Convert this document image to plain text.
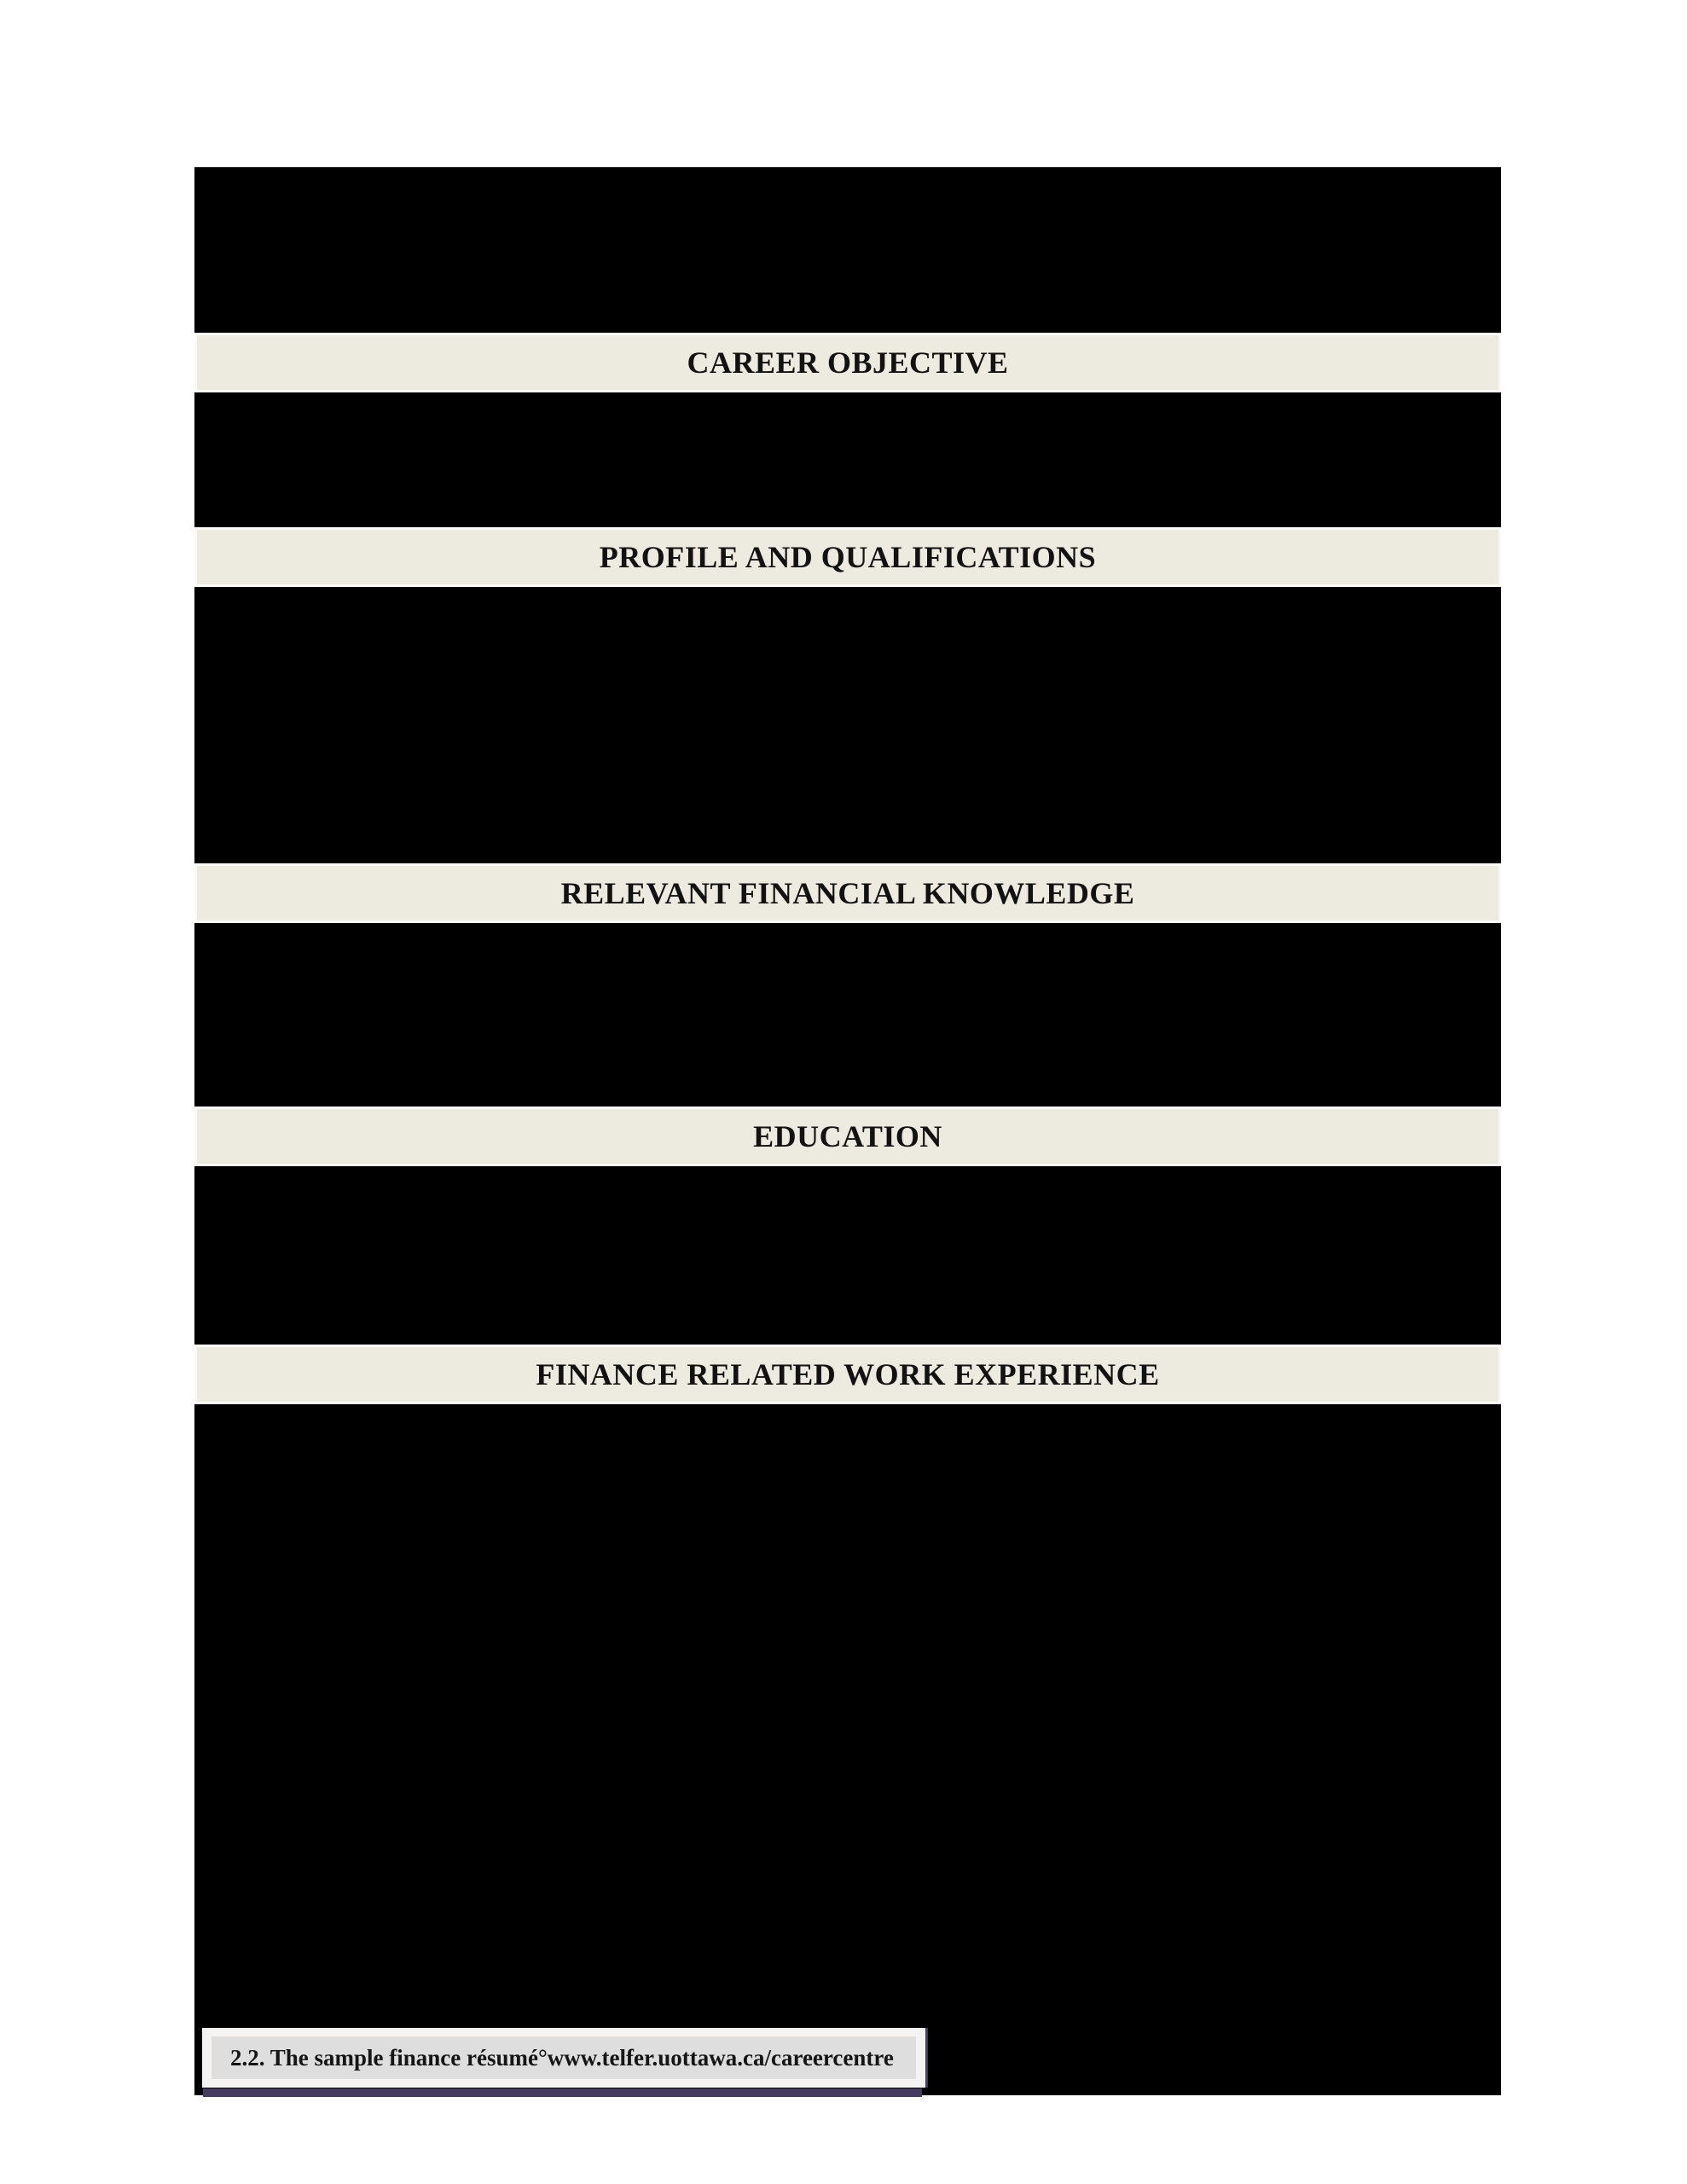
CAREER OBJECTIVE
PROFILE AND QUALIFICATIONS
RELEVANT FINANCIAL KNOWLEDGE
EDUCATION
FINANCE RELATED WORK EXPERIENCE
2.2. The sample finance résumé°www.telfer.uottawa.ca/careercentre
